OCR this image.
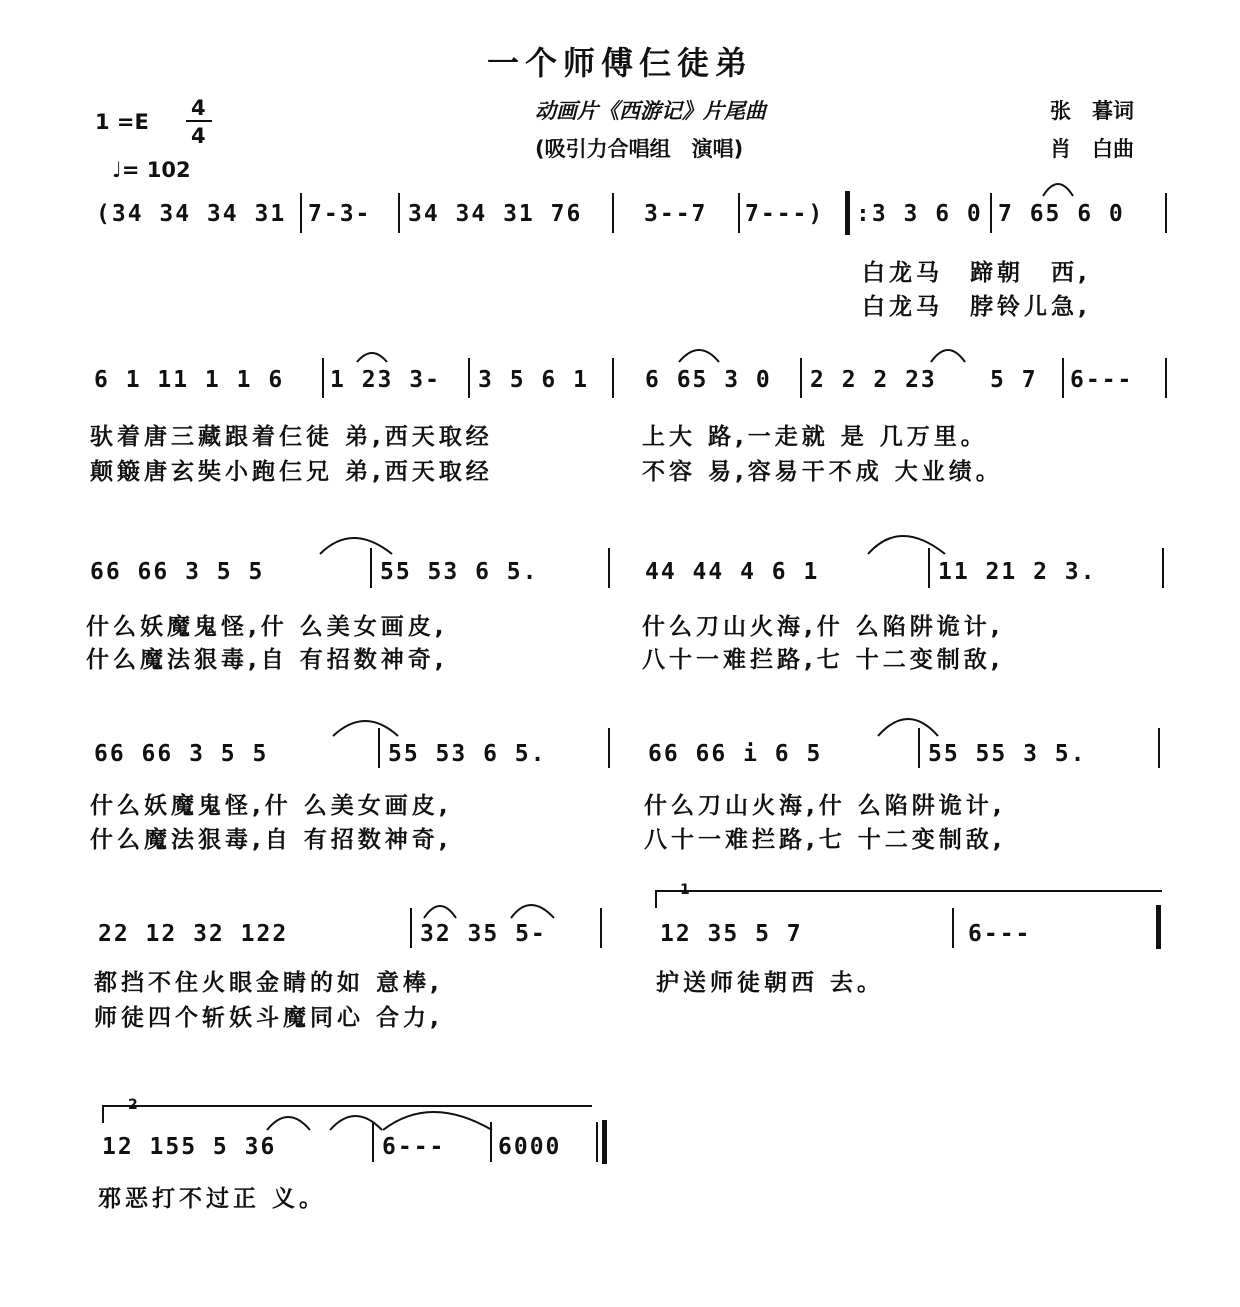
一个师傅仨徒弟
1 =E
4
4
♩= 102
动画片《西游记》片尾曲
(吸引力合唱组　演唱)
张　暮词
肖　白曲
(34 34 34 31 7-3- 34 34 31 76	3--7 7---) :3 3 6 0 7 65 6 0
白龙马　蹄朝　西,
白龙马　脖铃儿急,
6 1 11 1 1 6 1 23 3- 3 5 6 1 6 65 3 0 2 2 2 23 5 7 6---
驮着唐三藏跟着仨徒 弟,西天取经	上大 路,一走就 是 几万里。
颠簸唐玄奘小跑仨兄 弟,西天取经	不容 易,容易干不成 大业绩。
66 66 3 5 5	55 53 6 5.	44 44 4 6 1	11 21 2 3.
什么妖魔鬼怪,什 么美女画皮,	什么刀山火海,什 么陷阱诡计,
什么魔法狠毒,自 有招数神奇,	八十一难拦路,七 十二变制敌,
66 66 3 5 5	55 53 6 5.	66 66 i 6 5	55 55 3 5.
什么妖魔鬼怪,什 么美女画皮,	什么刀山火海,什 么陷阱诡计,
什么魔法狠毒,自 有招数神奇,	八十一难拦路,七 十二变制敌,
1
22 12 32 122	32 35 5-	12 35 5 7	6---
都挡不住火眼金睛的如 意棒,	护送师徒朝西 去。
师徒四个斩妖斗魔同心 合力,
2
12 155 5 36	6--- 6000
邪恶打不过正 义。
